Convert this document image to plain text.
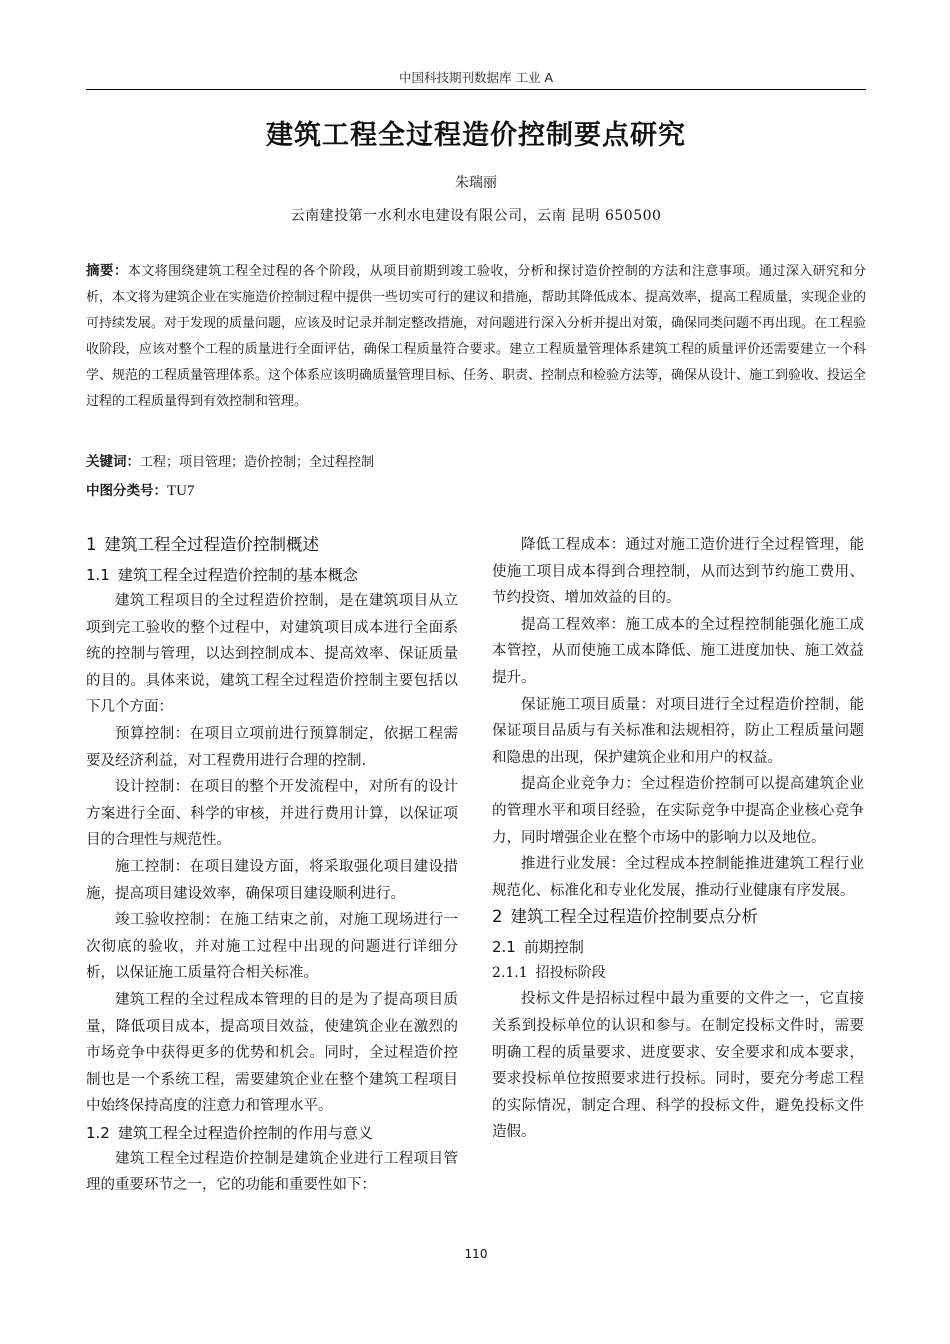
中国科技期刊数据库 工业 A
建筑工程全过程造价控制要点研究
朱瑞丽
云南建投第一水利水电建设有限公司，云南 昆明 650500
摘要：本文将围绕建筑工程全过程的各个阶段，从项目前期到竣工验收，分析和探讨造价控制的方法和注意事项。通过深入研究和分析，本文将为建筑企业在实施造价控制过程中提供一些切实可行的建议和措施，帮助其降低成本、提高效率，提高工程质量，实现企业的可持续发展。对于发现的质量问题，应该及时记录并制定整改措施，对问题进行深入分析并提出对策，确保同类问题不再出现。在工程验收阶段，应该对整个工程的质量进行全面评估，确保工程质量符合要求。建立工程质量管理体系建筑工程的质量评价还需要建立一个科学、规范的工程质量管理体系。这个体系应该明确质量管理目标、任务、职责、控制点和检验方法等，确保从设计、施工到验收、投运全过程的工程质量得到有效控制和管理。
关键词：工程；项目管理；造价控制；全过程控制
中图分类号：TU7
1 建筑工程全过程造价控制概述
1.1 建筑工程全过程造价控制的基本概念

建筑工程项目的全过程造价控制，是在建筑项目从立项到完工验收的整个过程中，对建筑项目成本进行全面系统的控制与管理，以达到控制成本、提高效率、保证质量的目的。具体来说，建筑工程全过程造价控制主要包括以下几个方面：

预算控制：在项目立项前进行预算制定，依据工程需要及经济利益，对工程费用进行合理的控制.

设计控制：在项目的整个开发流程中，对所有的设计方案进行全面、科学的审核，并进行费用计算，以保证项目的合理性与规范性。

施工控制：在项目建设方面，将采取强化项目建设措施，提高项目建设效率，确保项目建设顺利进行。

竣工验收控制：在施工结束之前，对施工现场进行一次彻底的验收，并对施工过程中出现的问题进行详细分析，以保证施工质量符合相关标准。

建筑工程的全过程成本管理的目的是为了提高项目质量，降低项目成本，提高项目效益，使建筑企业在激烈的市场竞争中获得更多的优势和机会。同时，全过程造价控制也是一个系统工程，需要建筑企业在整个建筑工程项目中始终保持高度的注意力和管理水平。

1.2 建筑工程全过程造价控制的作用与意义

建筑工程全过程造价控制是建筑企业进行工程项目管理的重要环节之一，它的功能和重要性如下：

降低工程成本：通过对施工造价进行全过程管理，能使施工项目成本得到合理控制，从而达到节约施工费用、节约投资、增加效益的目的。

提高工程效率：施工成本的全过程控制能强化施工成本管控，从而使施工成本降低、施工进度加快、施工效益提升。

保证施工项目质量：对项目进行全过程造价控制，能保证项目品质与有关标准和法规相符，防止工程质量问题和隐患的出现，保护建筑企业和用户的权益。

提高企业竞争力：全过程造价控制可以提高建筑企业的管理水平和项目经验，在实际竞争中提高企业核心竞争力，同时增强企业在整个市场中的影响力以及地位。

推进行业发展：全过程成本控制能推进建筑工程行业规范化、标准化和专业化发展，推动行业健康有序发展。

2 建筑工程全过程造价控制要点分析
2.1 前期控制
2.1.1 招投标阶段

投标文件是招标过程中最为重要的文件之一，它直接关系到投标单位的认识和参与。在制定投标文件时，需要明确工程的质量要求、进度要求、安全要求和成本要求，要求投标单位按照要求进行投标。同时，要充分考虑工程的实际情况，制定合理、科学的投标文件，避免投标文件造假。

110
